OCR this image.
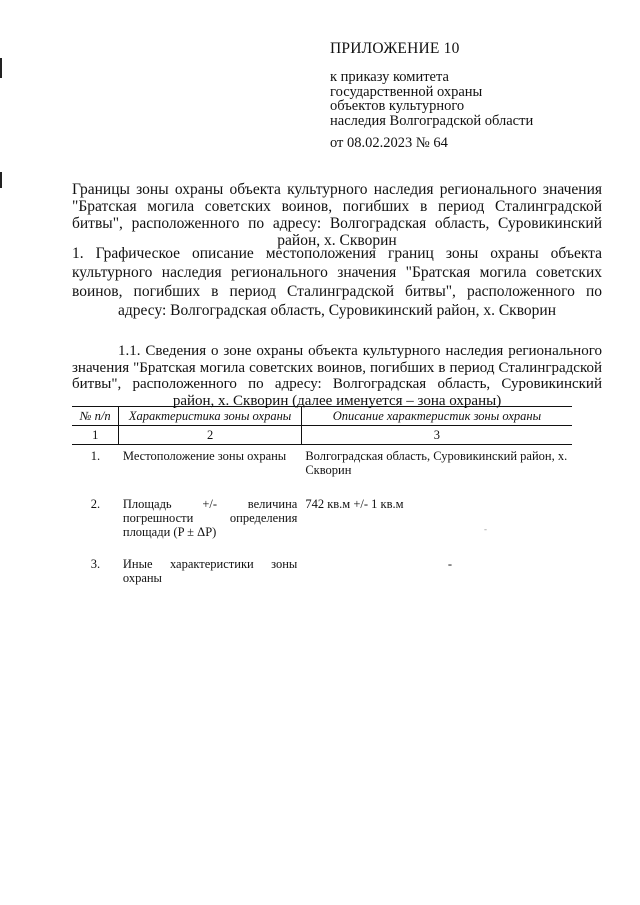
ПРИЛОЖЕНИЕ 10
к приказу комитета
государственной охраны
объектов культурного
наследия Волгоградской области
от 08.02.2023 № 64
Границы зоны охраны объекта культурного наследия регионального значения "Братская могила советских воинов, погибших в период Сталинградской битвы", расположенного по адресу: Волгоградская область, Суровикинский район, х. Скворин
1. Графическое описание местоположения границ зоны охраны объекта культурного наследия регионального значения "Братская могила советских воинов, погибших в период Сталинградской битвы", расположенного по адресу: Волгоградская область, Суровикинский район, х. Скворин
1.1. Сведения о зоне охраны объекта культурного наследия регионального значения "Братская могила советских воинов, погибших в период Сталинградской битвы", расположенного по адресу: Волгоградская область, Суровикинский район, х. Скворин (далее именуется – зона охраны)
№ п/п	Характеристика зоны охраны	Описание характеристик зоны охраны
1	2	3
1.	Местоположение зоны охраны	Волгоградская область, Суровикинский район, х. Скворин
2.	Площадь +/- величина погрешности определения площади (P ± ΔP)	742 кв.м +/- 1 кв.м
3.	Иные характеристики зоны охраны	-
-
